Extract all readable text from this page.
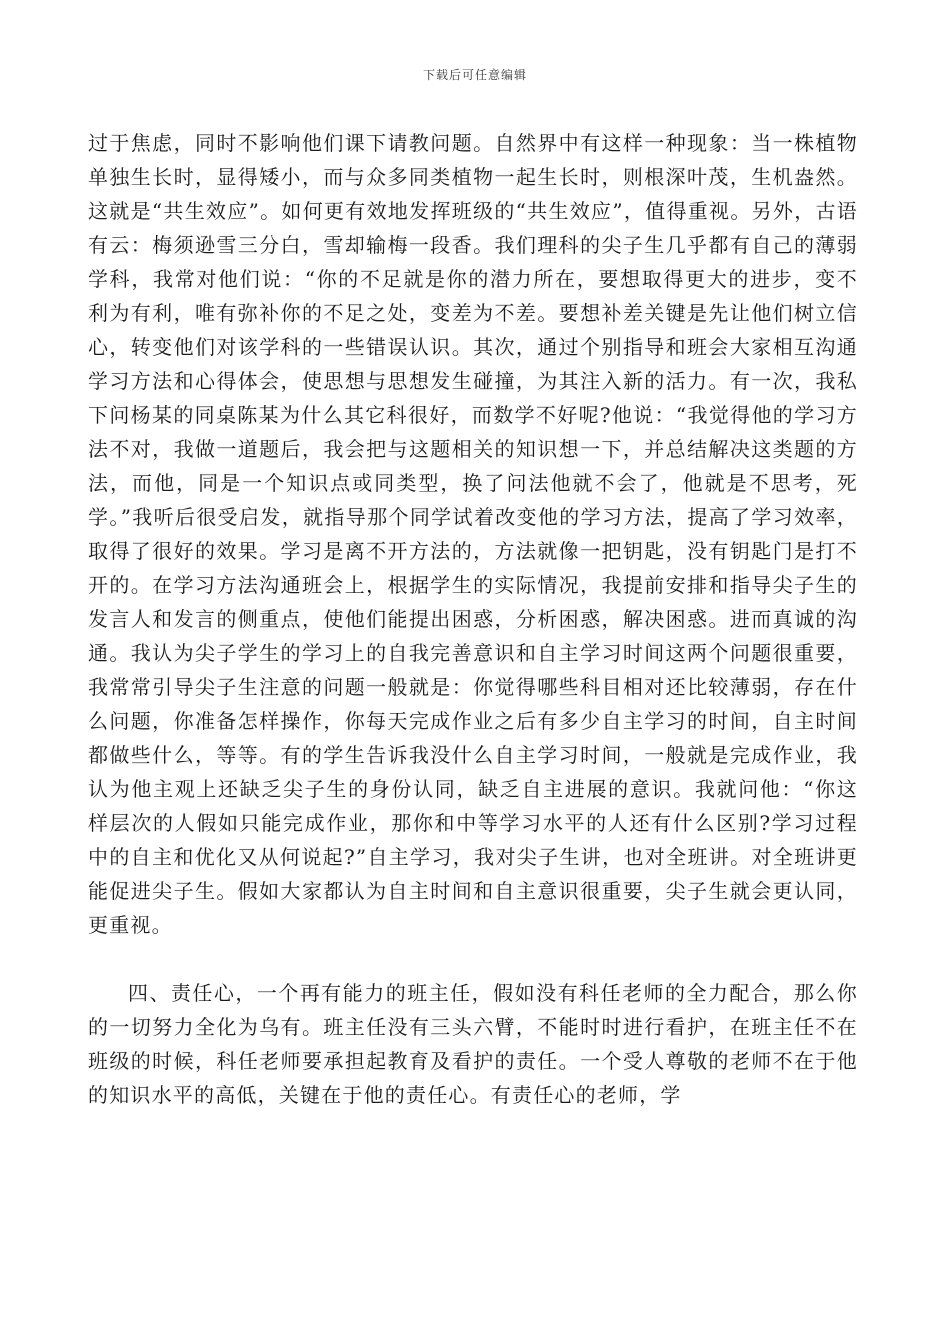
下载后可任意编辑

过于焦虑，同时不影响他们课下请教问题。自然界中有这样一种现象：当一株植物单独生长时，显得矮小，而与众多同类植物一起生长时，则根深叶茂，生机盎然。这就是“共生效应”。如何更有效地发挥班级的“共生效应”，值得重视。另外，古语有云：梅须逊雪三分白，雪却输梅一段香。我们理科的尖子生几乎都有自己的薄弱学科，我常对他们说：“你的不足就是你的潜力所在，要想取得更大的进步，变不利为有利，唯有弥补你的不足之处，变差为不差。要想补差关键是先让他们树立信心，转变他们对该学科的一些错误认识。其次，通过个别指导和班会大家相互沟通学习方法和心得体会，使思想与思想发生碰撞，为其注入新的活力。有一次，我私下问杨某的同桌陈某为什么其它科很好，而数学不好呢?他说：“我觉得他的学习方法不对，我做一道题后，我会把与这题相关的知识想一下，并总结解决这类题的方法，而他，同是一个知识点或同类型，换了问法他就不会了，他就是不思考，死学。”我听后很受启发，就指导那个同学试着改变他的学习方法，提高了学习效率，取得了很好的效果。学习是离不开方法的，方法就像一把钥匙，没有钥匙门是打不开的。在学习方法沟通班会上，根据学生的实际情况，我提前安排和指导尖子生的发言人和发言的侧重点，使他们能提出困惑，分析困惑，解决困惑。进而真诚的沟通。我认为尖子学生的学习上的自我完善意识和自主学习时间这两个问题很重要，我常常引导尖子生注意的问题一般就是：你觉得哪些科目相对还比较薄弱，存在什么问题，你准备怎样操作，你每天完成作业之后有多少自主学习的时间，自主时间都做些什么，等等。有的学生告诉我没什么自主学习时间，一般就是完成作业，我认为他主观上还缺乏尖子生的身份认同，缺乏自主进展的意识。我就问他：“你这样层次的人假如只能完成作业，那你和中等学习水平的人还有什么区别?学习过程中的自主和优化又从何说起?”自主学习，我对尖子生讲，也对全班讲。对全班讲更能促进尖子生。假如大家都认为自主时间和自主意识很重要，尖子生就会更认同，更重视。

四、责任心，一个再有能力的班主任，假如没有科任老师的全力配合，那么你的一切努力全化为乌有。班主任没有三头六臂，不能时时进行看护，在班主任不在班级的时候，科任老师要承担起教育及看护的责任。一个受人尊敬的老师不在于他的知识水平的高低，关键在于他的责任心。有责任心的老师，学
